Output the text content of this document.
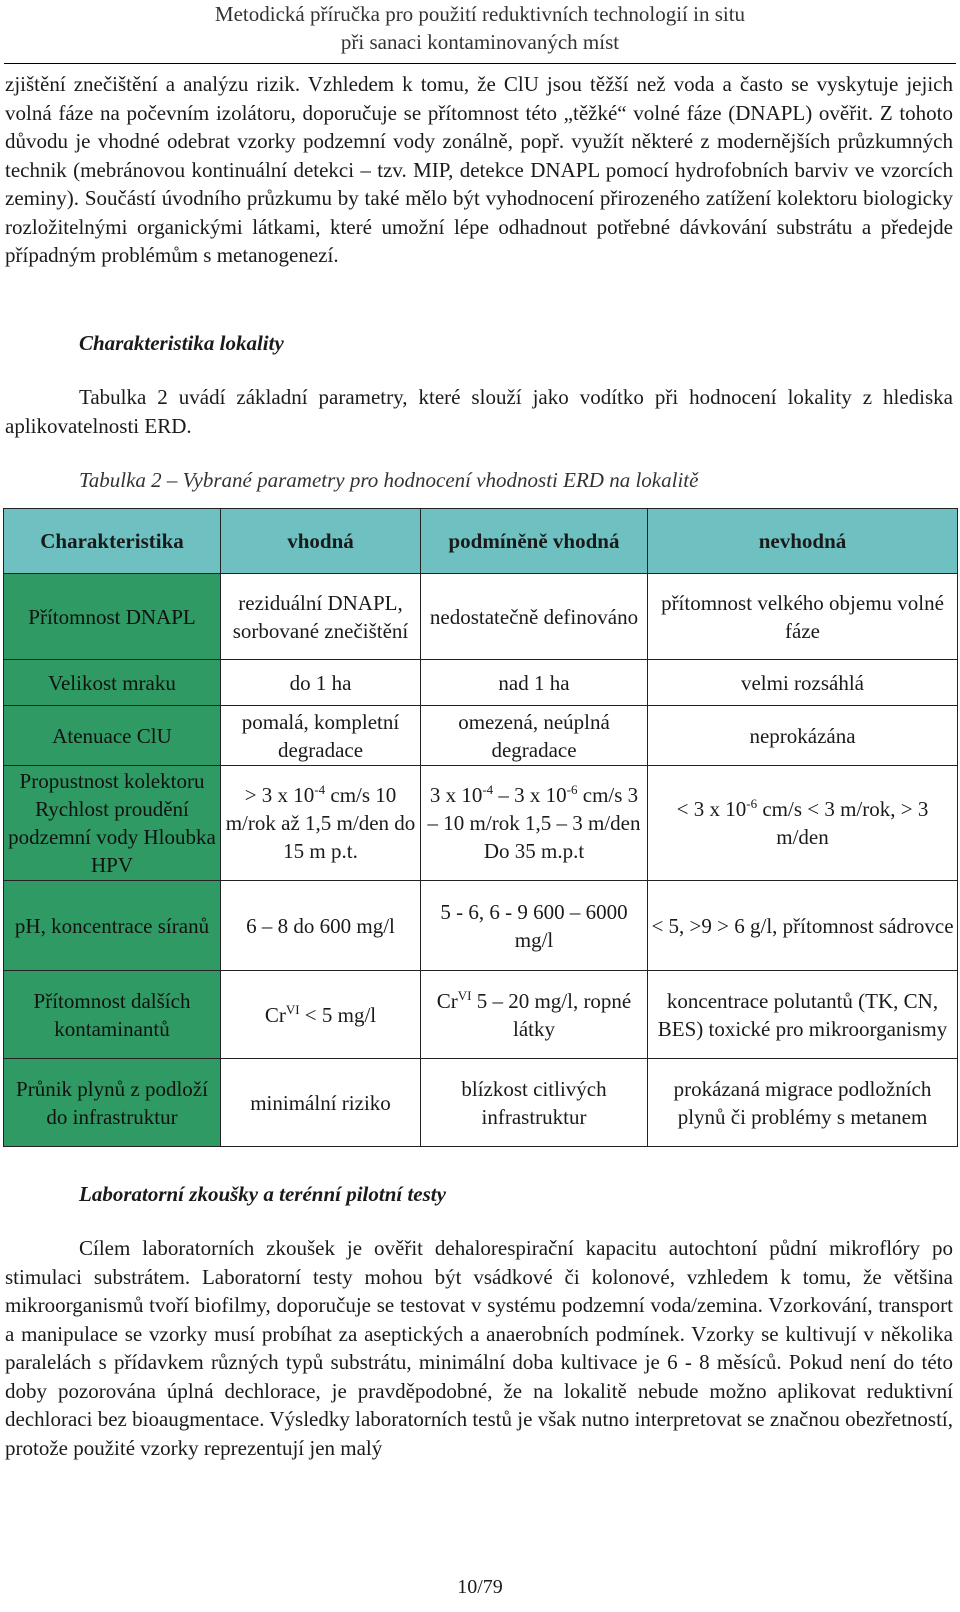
Metodická příručka pro použití reduktivních technologií in situ
při sanaci kontaminovaných míst

zjištění znečištění a analýzu rizik. Vzhledem k tomu, že ClU jsou těžší než voda a často se vyskytuje jejich volná fáze na počevním izolátoru, doporučuje se přítomnost této „těžké“ volné fáze (DNAPL) ověřit. Z tohoto důvodu je vhodné odebrat vzorky podzemní vody zonálně, popř. využít některé z modernějších průzkumných technik (mebránovou kontinuální detekci – tzv. MIP, detekce DNAPL pomocí hydrofobních barviv ve vzorcích zeminy). Součástí úvodního průzkumu by také mělo být vyhodnocení přirozeného zatížení kolektoru biologicky rozložitelnými organickými látkami, které umožní lépe odhadnout potřebné dávkování substrátu a předejde případným problémům s metanogenezí.

Charakteristika lokality

Tabulka 2 uvádí základní parametry, které slouží jako vodítko při hodnocení lokality z hlediska aplikovatelnosti ERD.

Tabulka 2 – Vybrané parametry pro hodnocení vhodnosti ERD na lokalitě

Charakteristika	vhodná	podmíněně vhodná	nevhodná
Přítomnost DNAPL	reziduální DNAPL, sorbované znečištění	nedostatečně definováno	přítomnost velkého objemu volné fáze
Velikost mraku	do 1 ha	nad 1 ha	velmi rozsáhlá
Atenuace ClU	pomalá, kompletní degradace	omezená, neúplná degradace	neprokázána
Propustnost kolektoru Rychlost proudění podzemní vody Hloubka HPV	> 3 x $10^{-4}$ cm/s 10 m/rok až 1,5 m/den do 15 m p.t.	3 x $10^{-4} - 3$ x $10^{-6}$ cm/s 3 – 10 m/rok 1,5 – 3 m/den Do 35 m.p.t	< 3 x $10^{-6}$ cm/s < 3 m/rok, > 3 m/den
pH, koncentrace síranů	6 – 8 do 600 mg/l	5 - 6, 6 - 9 600 – 6000 mg/l	< 5, >9 > 6 g/l, přítomnost sádrovce
Přítomnost dalších kontaminantů	$Cr^{VI} < 5$ mg/l	$Cr^{VI}$ 5 – 20 mg/l, ropné látky	koncentrace polutantů (TK, CN, BES) toxické pro mikroorganismy
Průnik plynů z podloží do infrastruktur	minimální riziko	blízkost citlivých infrastruktur	prokázaná migrace podložních plynů či problémy s metanem

Laboratorní zkoušky a terénní pilotní testy

Cílem laboratorních zkoušek je ověřit dehalorespirační kapacitu autochtoní půdní mikroflóry po stimulaci substrátem. Laboratorní testy mohou být vsádkové či kolonové, vzhledem k tomu, že většina mikroorganismů tvoří biofilmy, doporučuje se testovat v systému podzemní voda/zemina. Vzorkování, transport a manipulace se vzorky musí probíhat za aseptických a anaerobních podmínek. Vzorky se kultivují v několika paralelách s přídavkem různých typů substrátu, minimální doba kultivace je 6 - 8 měsíců. Pokud není do této doby pozorována úplná dechlorace, je pravděpodobné, že na lokalitě nebude možno aplikovat reduktivní dechloraci bez bioaugmentace. Výsledky laboratorních testů je však nutno interpretovat se značnou obezřetností, protože použité vzorky reprezentují jen malý

10/79
